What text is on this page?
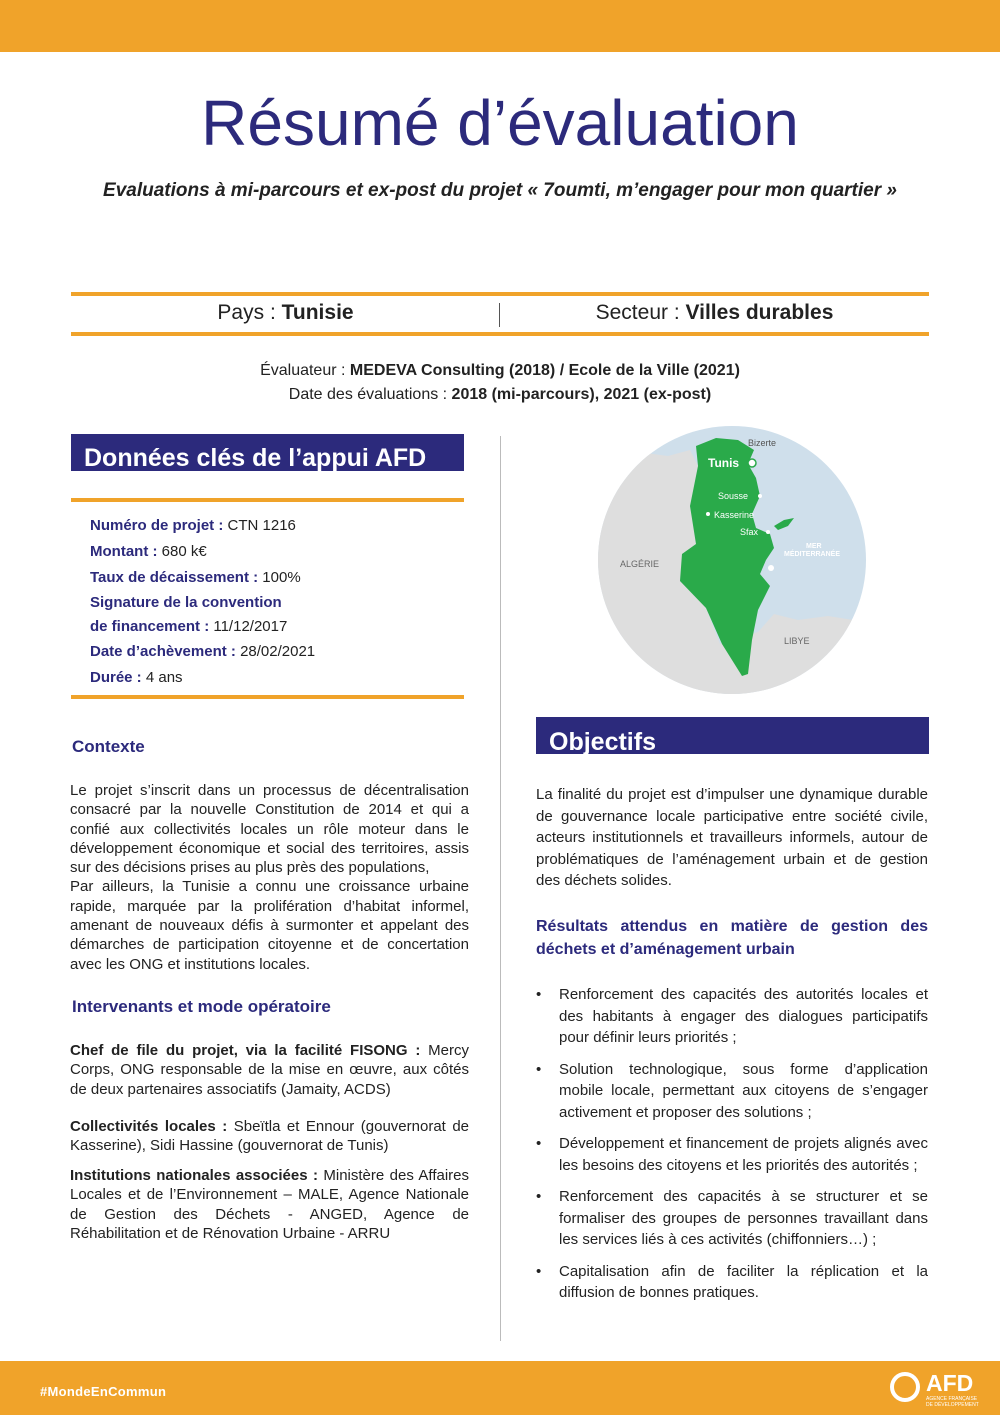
Résumé d’évaluation
Evaluations à mi-parcours et ex-post du projet « 7oumti, m’engager pour mon quartier »
Pays : Tunisie	Secteur : Villes durables
Évaluateur : MEDEVA Consulting (2018) / Ecole de la Ville (2021)
Date des évaluations : 2018 (mi-parcours), 2021 (ex-post)
Données clés de l’appui AFD
Numéro de projet : CTN 1216
Montant : 680 k€
Taux de décaissement : 100%
Signature de la convention
de financement : 11/12/2017
Date d’achèvement : 28/02/2021
Durée : 4 ans
Contexte
Le projet s’inscrit dans un processus de décentralisation consacré par la nouvelle Constitution de 2014 et qui a confié aux collectivités locales un rôle moteur dans le développement économique et social des territoires, assis sur des décisions prises au plus près des populations,
Par ailleurs, la Tunisie a connu une croissance urbaine rapide, marquée par la prolifération d’habitat informel, amenant de nouveaux défis à surmonter et appelant des démarches de participation citoyenne et de concertation avec les ONG et institutions locales.
Intervenants et mode opératoire
Chef de file du projet, via la facilité FISONG : Mercy Corps, ONG responsable de la mise en œuvre, aux côtés de deux partenaires associatifs (Jamaity, ACDS)
Collectivités locales : Sbeïtla et Ennour (gouvernorat de Kasserine), Sidi Hassine (gouvernorat de Tunis)
Institutions nationales associées : Ministère des Affaires Locales et de l’Environnement – MALE, Agence Nationale de Gestion des Déchets - ANGED, Agence de Réhabilitation et de Rénovation Urbaine - ARRU
Bizerte
Tunis
Sousse
Kasserine
Sfax
MER
MÉDITERRANÉE
ALGÉRIE
LIBYE
Objectifs
La finalité du projet est d’impulser une dynamique durable de gouvernance locale participative entre société civile, acteurs institutionnels et travailleurs informels, autour de problématiques de l’aménagement urbain et de gestion des déchets solides.
Résultats attendus en matière de gestion des déchets et d’aménagement urbain
• Renforcement des capacités des autorités locales et des habitants à engager des dialogues participatifs pour définir leurs priorités ;
• Solution technologique, sous forme d’application mobile locale, permettant aux citoyens de s’engager activement et proposer des solutions ;
• Développement et financement de projets alignés avec les besoins des citoyens et les priorités des autorités ;
• Renforcement des capacités à se structurer et se formaliser des groupes de personnes travaillant dans les services liés à ces activités (chiffonniers…) ;
• Capitalisation afin de faciliter la réplication et la diffusion de bonnes pratiques.
#MondeEnCommun	AFD
AGENCE FRANÇAISE DE DÉVELOPPEMENT
